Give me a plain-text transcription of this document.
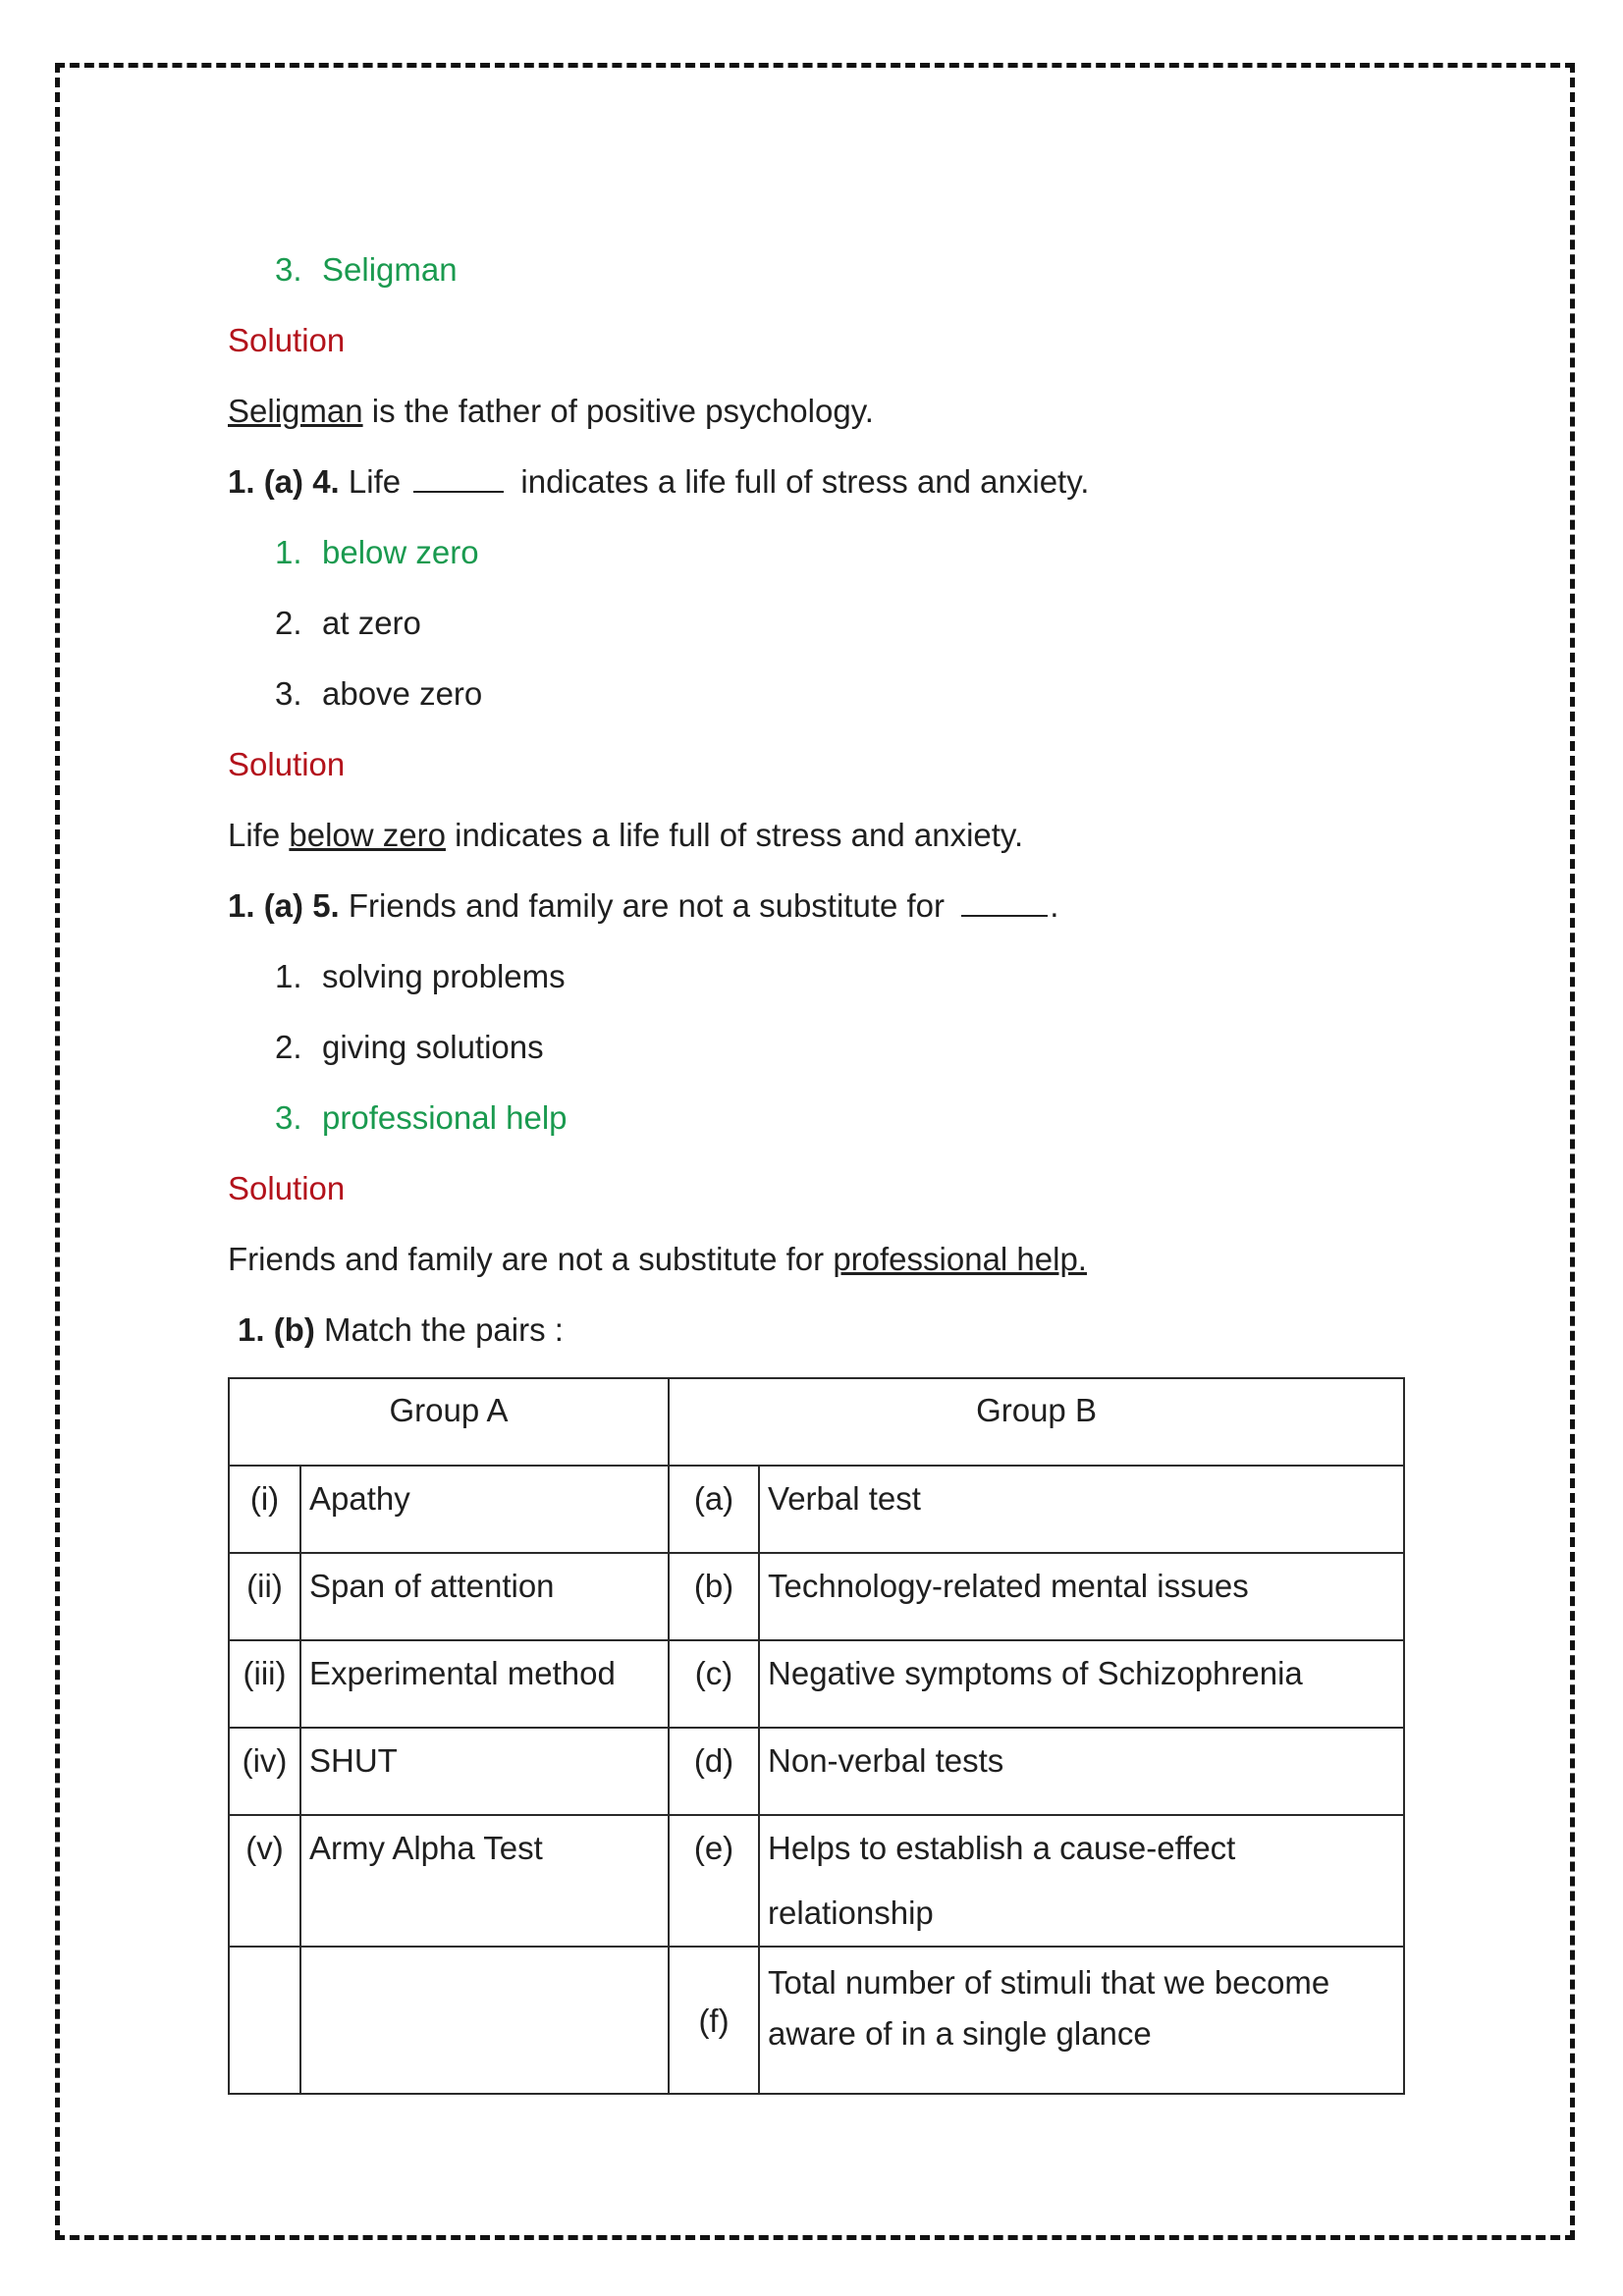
3. Seligman
Solution
Seligman is the father of positive psychology.
1. (a) 4. Life	indicates a life full of stress and anxiety.
1. below zero
2. at zero
3. above zero
Solution
Life below zero indicates a life full of stress and anxiety.
1. (a) 5. Friends and family are not a substitute for	.
1. solving problems
2. giving solutions
3. professional help
Solution
Friends and family are not a substitute for professional help.
1. (b) Match the pairs :
Group A		Group B	
(i)	Apathy	(a)	Verbal test
(ii)	Span of attention	(b)	Technology-related mental issues
(iii)	Experimental method	(c)	Negative symptoms of Schizophrenia
(iv)	SHUT	(d)	Non-verbal tests
(v)	Army Alpha Test	(e)	Helps to establish a cause-effect relationship
		(f)	Total number of stimuli that we become aware of in a single glance
